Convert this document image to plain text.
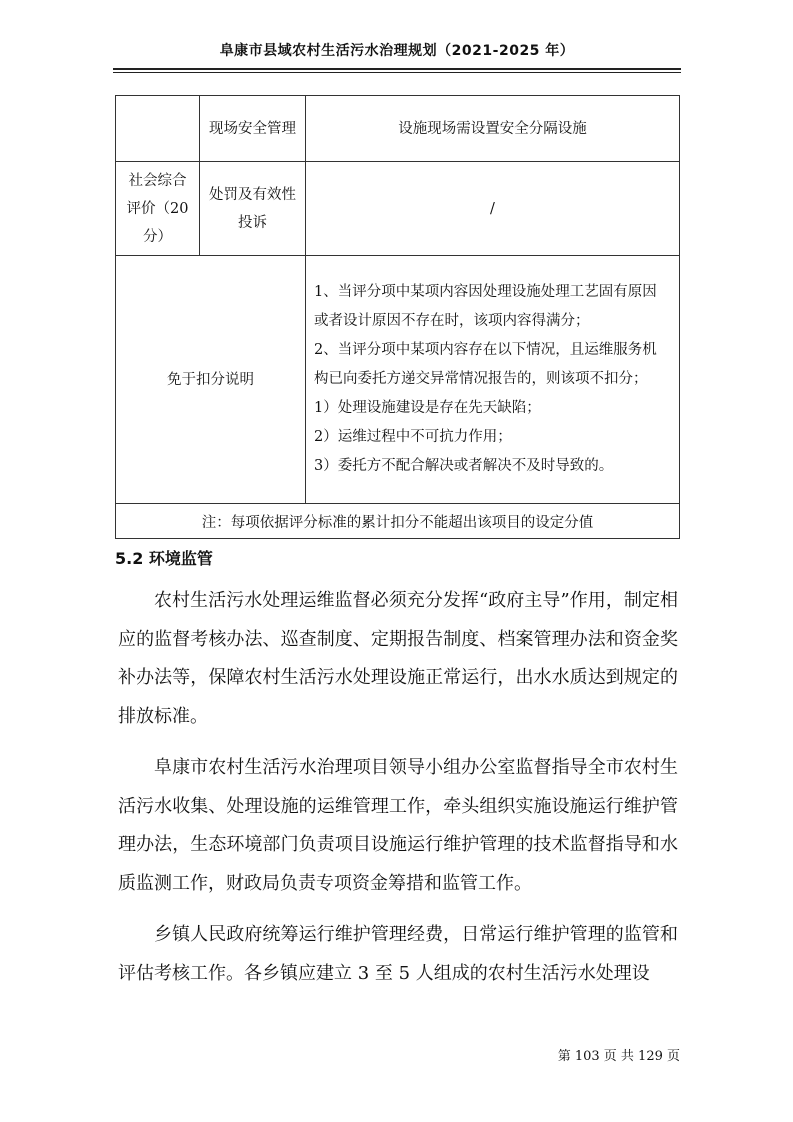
阜康市县域农村生活污水治理规划（2021-2025 年）
	现场安全管理	设施现场需设置安全分隔设施
社会综合评价（20 分）	处罚及有效性投诉	/
免于扣分说明		1、当评分项中某项内容因处理设施处理工艺固有原因或者设计原因不存在时，该项内容得满分；
2、当评分项中某项内容存在以下情况，且运维服务机构已向委托方递交异常情况报告的，则该项不扣分；
1）处理设施建设是存在先天缺陷；
2）运维过程中不可抗力作用；
3）委托方不配合解决或者解决不及时导致的。

注：每项依据评分标准的累计扣分不能超出该项目的设定分值		
5.2 环境监管

农村生活污水处理运维监督必须充分发挥“政府主导”作用，制定相应的监督考核办法、巡查制度、定期报告制度、档案管理办法和资金奖补办法等，保障农村生活污水处理设施正常运行，出水水质达到规定的排放标准。

阜康市农村生活污水治理项目领导小组办公室监督指导全市农村生活污水收集、处理设施的运维管理工作，牵头组织实施设施运行维护管理办法，生态环境部门负责项目设施运行维护管理的技术监督指导和水质监测工作，财政局负责专项资金筹措和监管工作。

乡镇人民政府统筹运行维护管理经费，日常运行维护管理的监管和评估考核工作。各乡镇应建立 3 至 5 人组成的农村生活污水处理设

第 103 页 共 129 页
